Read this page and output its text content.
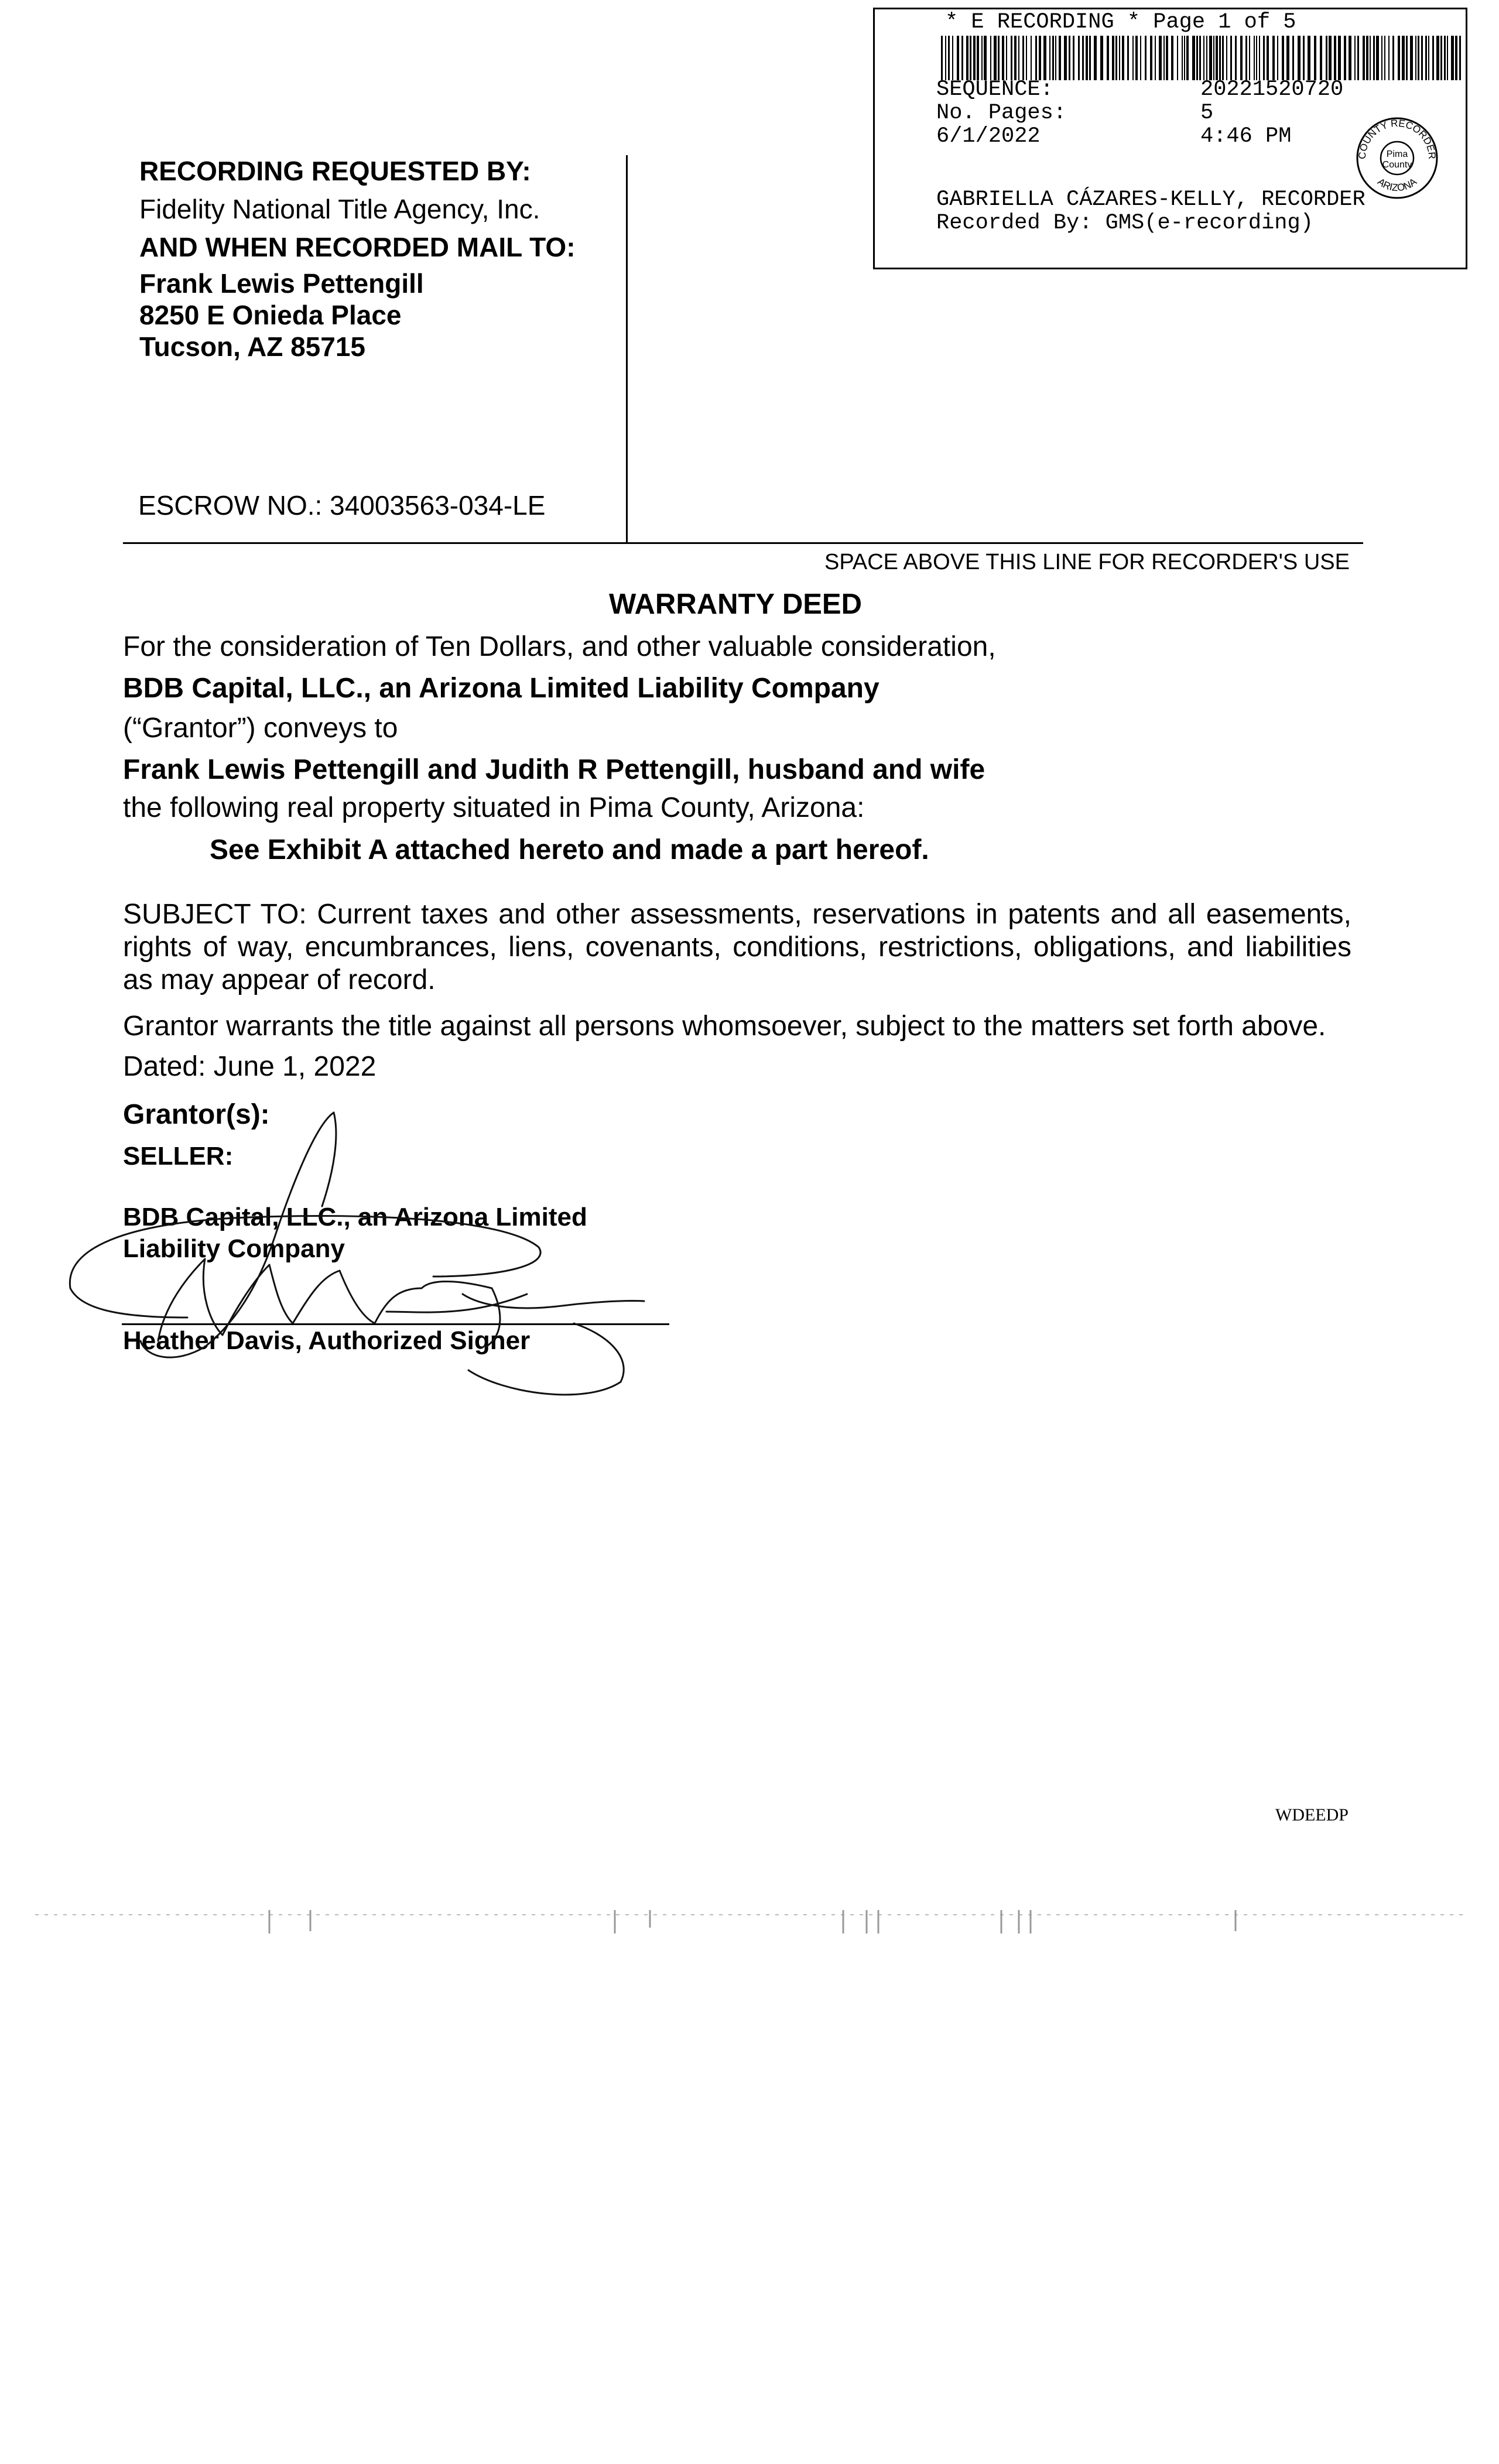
* E RECORDING * Page 1 of 5
SEQUENCE:	20221520720
No. Pages:	5
6/1/2022	4:46 PM
COUNTY RECORDER
ARIZONA
Pima
County
GABRIELLA CÁZARES-KELLY, RECORDER
Recorded By: GMS(e-recording)
RECORDING REQUESTED BY:
Fidelity National Title Agency, Inc.
AND WHEN RECORDED MAIL TO:
Frank Lewis Pettengill
8250 E Onieda Place
Tucson, AZ 85715
ESCROW NO.: 34003563-034-LE
SPACE ABOVE THIS LINE FOR RECORDER'S USE
WARRANTY DEED
For the consideration of Ten Dollars, and other valuable consideration,
BDB Capital, LLC., an Arizona Limited Liability Company
(“Grantor”) conveys to
Frank Lewis Pettengill and Judith R Pettengill, husband and wife
the following real property situated in Pima County, Arizona:
See Exhibit A attached hereto and made a part hereof.
SUBJECT TO: Current taxes and other assessments, reservations in patents and all easements, rights of way, encumbrances, liens, covenants, conditions, restrictions, obligations, and liabilities as may appear of record.
Grantor warrants the title against all persons whomsoever, subject to the matters set forth above.
Dated: June 1, 2022
Grantor(s):
SELLER:
BDB Capital, LLC., an Arizona Limited
Liability Company
Heather Davis, Authorized Signer
WDEEDP
